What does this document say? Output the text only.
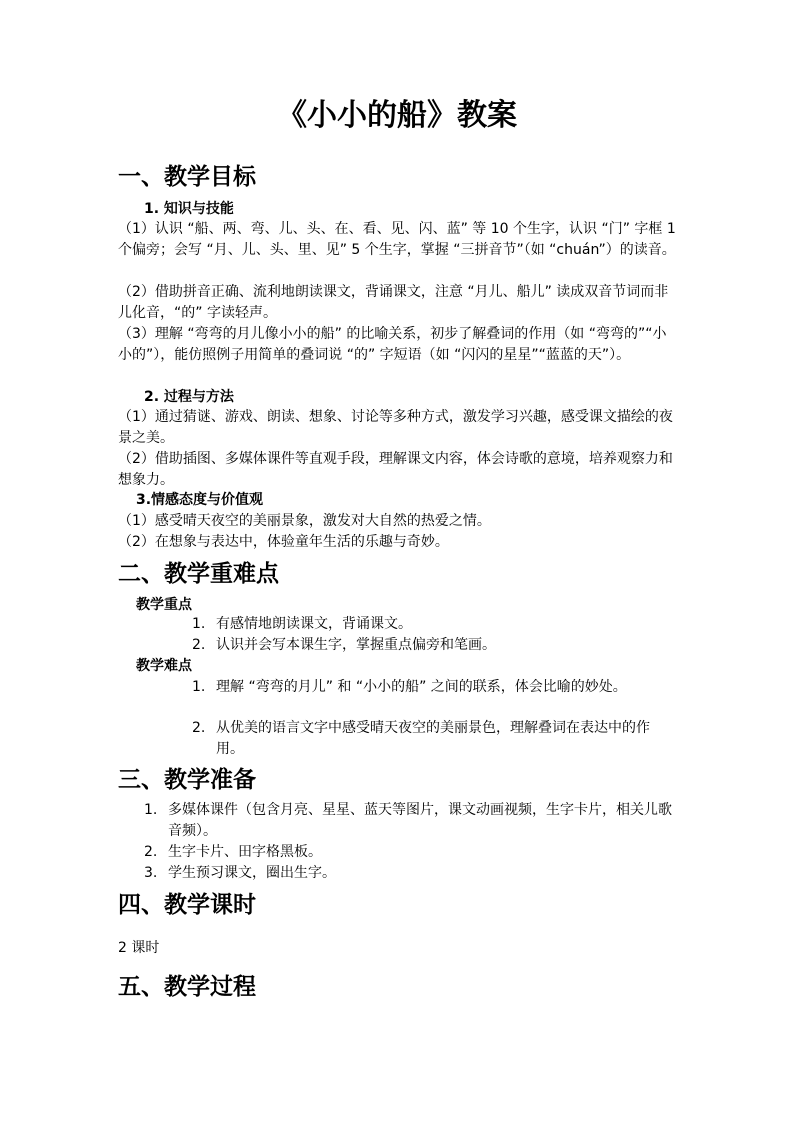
《小小的船》教案
一、教学目标
1. 知识与技能
（1）认识 “船、两、弯、儿、头、在、看、见、闪、蓝” 等 10 个生字，认识 “门” 字框 1 个偏旁；会写 “月、儿、头、里、见” 5 个生字，掌握 “三拼音节”（如 “chuán”）的读音。
（2）借助拼音正确、流利地朗读课文，背诵课文，注意 “月儿、船儿” 读成双音节词而非儿化音，“的” 字读轻声。
（3）理解 “弯弯的月儿像小小的船” 的比喻关系，初步了解叠词的作用（如 “弯弯的”“小小的”），能仿照例子用简单的叠词说 “的” 字短语（如 “闪闪的星星”“蓝蓝的天”）。
2. 过程与方法
（1）通过猜谜、游戏、朗读、想象、讨论等多种方式，激发学习兴趣，感受课文描绘的夜景之美。
（2）借助插图、多媒体课件等直观手段，理解课文内容，体会诗歌的意境，培养观察力和想象力。
3.情感态度与价值观
（1）感受晴天夜空的美丽景象，激发对大自然的热爱之情。
（2）在想象与表达中，体验童年生活的乐趣与奇妙。
二、教学重难点
教学重点
1. 有感情地朗读课文，背诵课文。
2. 认识并会写本课生字，掌握重点偏旁和笔画。
教学难点
1. 理解 “弯弯的月儿” 和 “小小的船” 之间的联系，体会比喻的妙处。
2. 从优美的语言文字中感受晴天夜空的美丽景色，理解叠词在表达中的作用。
三、教学准备
1. 多媒体课件（包含月亮、星星、蓝天等图片，课文动画视频，生字卡片，相关儿歌音频）。
2. 生字卡片、田字格黑板。
3. 学生预习课文，圈出生字。
四、教学课时
2 课时
五、教学过程
